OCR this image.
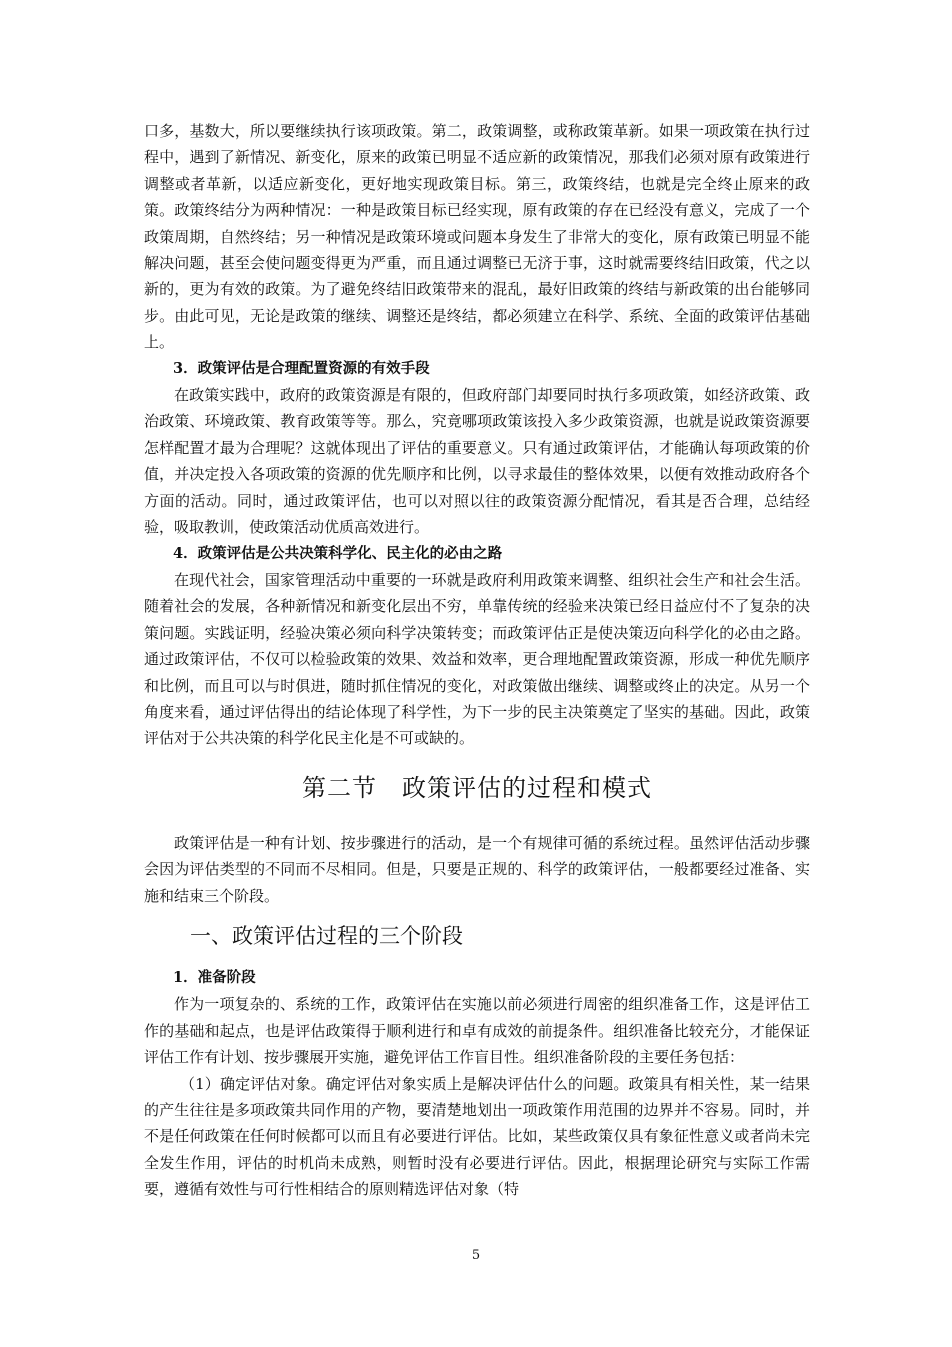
口多，基数大，所以要继续执行该项政策。第二，政策调整，或称政策革新。如果一项政策在执行过程中，遇到了新情况、新变化，原来的政策已明显不适应新的政策情况，那我们必须对原有政策进行调整或者革新，以适应新变化，更好地实现政策目标。第三，政策终结，也就是完全终止原来的政策。政策终结分为两种情况：一种是政策目标已经实现，原有政策的存在已经没有意义，完成了一个政策周期，自然终结；另一种情况是政策环境或问题本身发生了非常大的变化，原有政策已明显不能解决问题，甚至会使问题变得更为严重，而且通过调整已无济于事，这时就需要终结旧政策，代之以新的，更为有效的政策。为了避免终结旧政策带来的混乱，最好旧政策的终结与新政策的出台能够同步。由此可见，无论是政策的继续、调整还是终结，都必须建立在科学、系统、全面的政策评估基础上。

3．政策评估是合理配置资源的有效手段

在政策实践中，政府的政策资源是有限的，但政府部门却要同时执行多项政策，如经济政策、政治政策、环境政策、教育政策等等。那么，究竟哪项政策该投入多少政策资源，也就是说政策资源要怎样配置才最为合理呢？这就体现出了评估的重要意义。只有通过政策评估，才能确认每项政策的价值，并决定投入各项政策的资源的优先顺序和比例，以寻求最佳的整体效果，以便有效推动政府各个方面的活动。同时，通过政策评估，也可以对照以往的政策资源分配情况，看其是否合理，总结经验，吸取教训，使政策活动优质高效进行。

4．政策评估是公共决策科学化、民主化的必由之路

在现代社会，国家管理活动中重要的一环就是政府利用政策来调整、组织社会生产和社会生活。随着社会的发展，各种新情况和新变化层出不穷，单靠传统的经验来决策已经日益应付不了复杂的决策问题。实践证明，经验决策必须向科学决策转变；而政策评估正是使决策迈向科学化的必由之路。通过政策评估，不仅可以检验政策的效果、效益和效率，更合理地配置政策资源，形成一种优先顺序和比例，而且可以与时俱进，随时抓住情况的变化，对政策做出继续、调整或终止的决定。从另一个角度来看，通过评估得出的结论体现了科学性，为下一步的民主决策奠定了坚实的基础。因此，政策评估对于公共决策的科学化民主化是不可或缺的。

第二节　政策评估的过程和模式

政策评估是一种有计划、按步骤进行的活动，是一个有规律可循的系统过程。虽然评估活动步骤会因为评估类型的不同而不尽相同。但是，只要是正规的、科学的政策评估，一般都要经过准备、实施和结束三个阶段。

一、政策评估过程的三个阶段
1．准备阶段

作为一项复杂的、系统的工作，政策评估在实施以前必须进行周密的组织准备工作，这是评估工作的基础和起点，也是评估政策得于顺利进行和卓有成效的前提条件。组织准备比较充分，才能保证评估工作有计划、按步骤展开实施，避免评估工作盲目性。组织准备阶段的主要任务包括：

（1）确定评估对象。确定评估对象实质上是解决评估什么的问题。政策具有相关性，某一结果的产生往往是多项政策共同作用的产物，要清楚地划出一项政策作用范围的边界并不容易。同时，并不是任何政策在任何时候都可以而且有必要进行评估。比如，某些政策仅具有象征性意义或者尚未完全发生作用，评估的时机尚未成熟，则暂时没有必要进行评估。因此，根据理论研究与实际工作需要，遵循有效性与可行性相结合的原则精选评估对象（特

5
